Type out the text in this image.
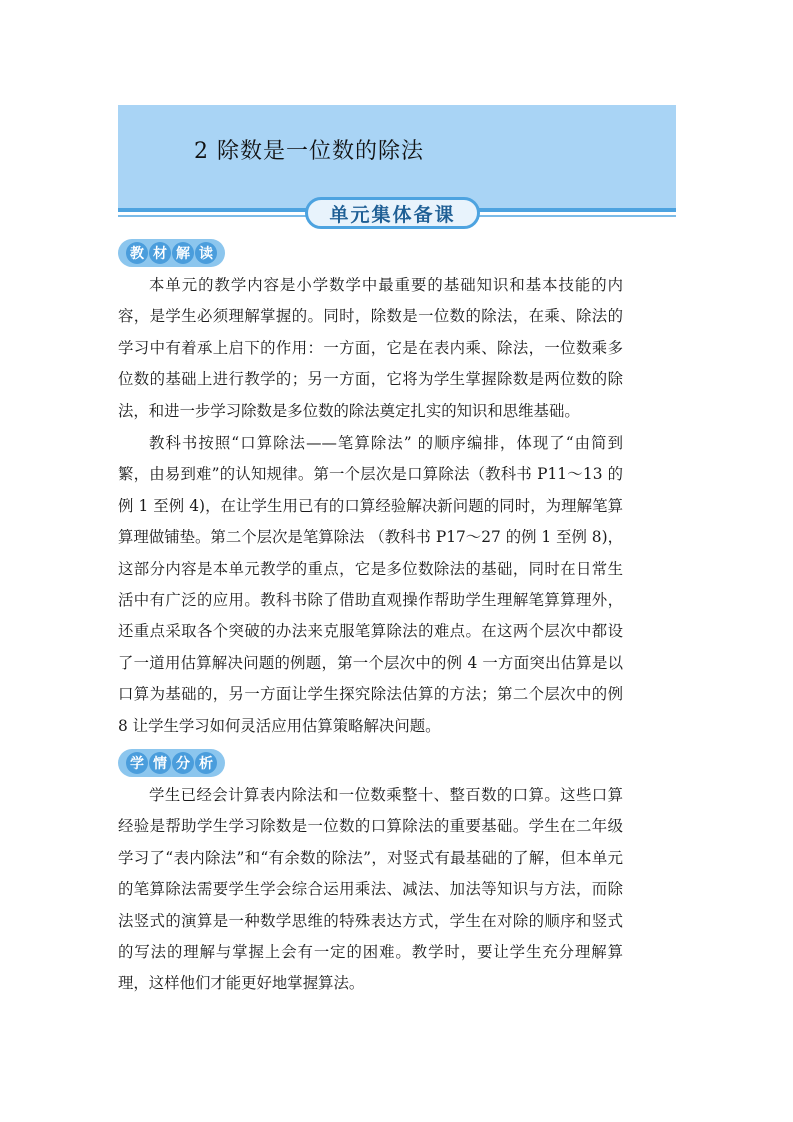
2 除数是一位数的除法
单元集体备课
教 材 解 读

本单元的教学内容是小学数学中最重要的基础知识和基本技能的内容，是学生必须理解掌握的。同时，除数是一位数的除法，在乘、除法的学习中有着承上启下的作用：一方面，它是在表内乘、除法，一位数乘多位数的基础上进行教学的；另一方面，它将为学生掌握除数是两位数的除法，和进一步学习除数是多位数的除法奠定扎实的知识和思维基础。

教科书按照“口算除法——笔算除法” 的顺序编排，体现了“由简到繁，由易到难”的认知规律。第一个层次是口算除法（教科书 P11～13 的例 1 至例 4)，在让学生用已有的口算经验解决新问题的同时，为理解笔算算理做铺垫。第二个层次是笔算除法 （教科书 P17～27 的例 1 至例 8)，这部分内容是本单元教学的重点，它是多位数除法的基础，同时在日常生活中有广泛的应用。教科书除了借助直观操作帮助学生理解笔算算理外，还重点采取各个突破的办法来克服笔算除法的难点。在这两个层次中都设了一道用估算解决问题的例题，第一个层次中的例 4 一方面突出估算是以口算为基础的，另一方面让学生探究除法估算的方法；第二个层次中的例 8 让学生学习如何灵活应用估算策略解决问题。

学 情 分 析

学生已经会计算表内除法和一位数乘整十、整百数的口算。这些口算经验是帮助学生学习除数是一位数的口算除法的重要基础。学生在二年级学习了“表内除法”和“有余数的除法”，对竖式有最基础的了解，但本单元的笔算除法需要学生学会综合运用乘法、减法、加法等知识与方法，而除法竖式的演算是一种数学思维的特殊表达方式，学生在对除的顺序和竖式的写法的理解与掌握上会有一定的困难。教学时，要让学生充分理解算理，这样他们才能更好地掌握算法。
